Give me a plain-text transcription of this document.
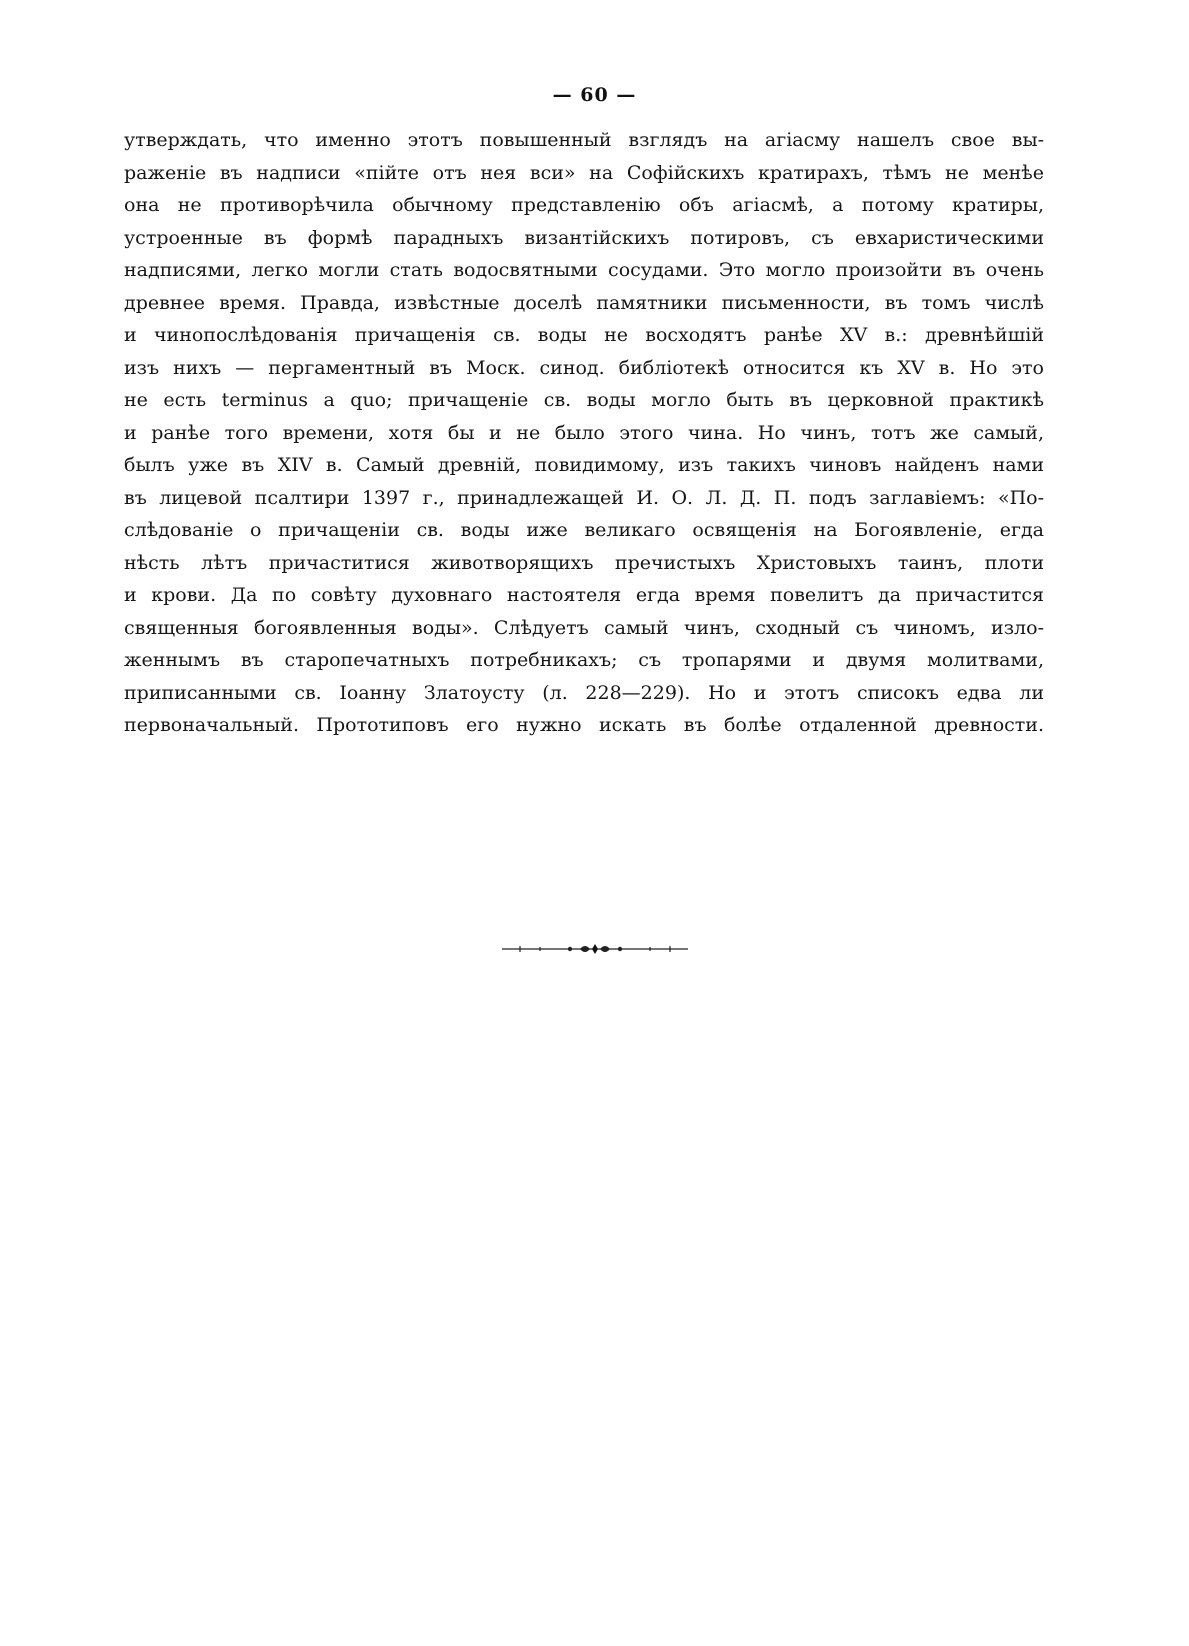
— 60 —
утверждать, что именно этотъ повышенный взглядъ на агіасму нашелъ свое вы-
раженіе въ надписи «пійте отъ нея вси» на Софійскихъ кратирахъ, тѣмъ не менѣе
она не противорѣчила обычному представленію объ агіасмѣ, а потому кратиры,
устроенные въ формѣ парадныхъ византійскихъ потировъ, съ евхаристическими
надписями, легко могли стать водосвятными сосудами. Это могло произойти въ очень
древнее время. Правда, извѣстные доселѣ памятники письменности, въ томъ числѣ
и чинопослѣдованія причащенія св. воды не восходятъ ранѣе XV в.: древнѣйшій
изъ нихъ — пергаментный въ Моск. синод. библіотекѣ относится къ XV в. Но это
не есть terminus a quo; причащеніе св. воды могло быть въ церковной практикѣ
и ранѣе того времени, хотя бы и не было этого чина. Но чинъ, тотъ же самый,
былъ уже въ XIV в. Самый древній, повидимому, изъ такихъ чиновъ найденъ нами
въ лицевой псалтири 1397 г., принадлежащей И. О. Л. Д. П. подъ заглавіемъ: «По-
слѣдованіе о причащеніи св. воды иже великаго освященія на Богоявленіе, егда
нѣсть лѣтъ причаститися животворящихъ пречистыхъ Христовыхъ таинъ, плоти
и крови. Да по совѣту духовнаго настоятеля егда время повелитъ да причастится
священныя богоявленныя воды». Слѣдуетъ самый чинъ, сходный съ чиномъ, изло-
женнымъ въ старопечатныхъ потребникахъ; съ тропарями и двумя молитвами,
приписанными св. Іоанну Златоусту (л. 228—229). Но и этотъ списокъ едва ли
первоначальный. Прототиповъ его нужно искать въ болѣе отдаленной древности.
